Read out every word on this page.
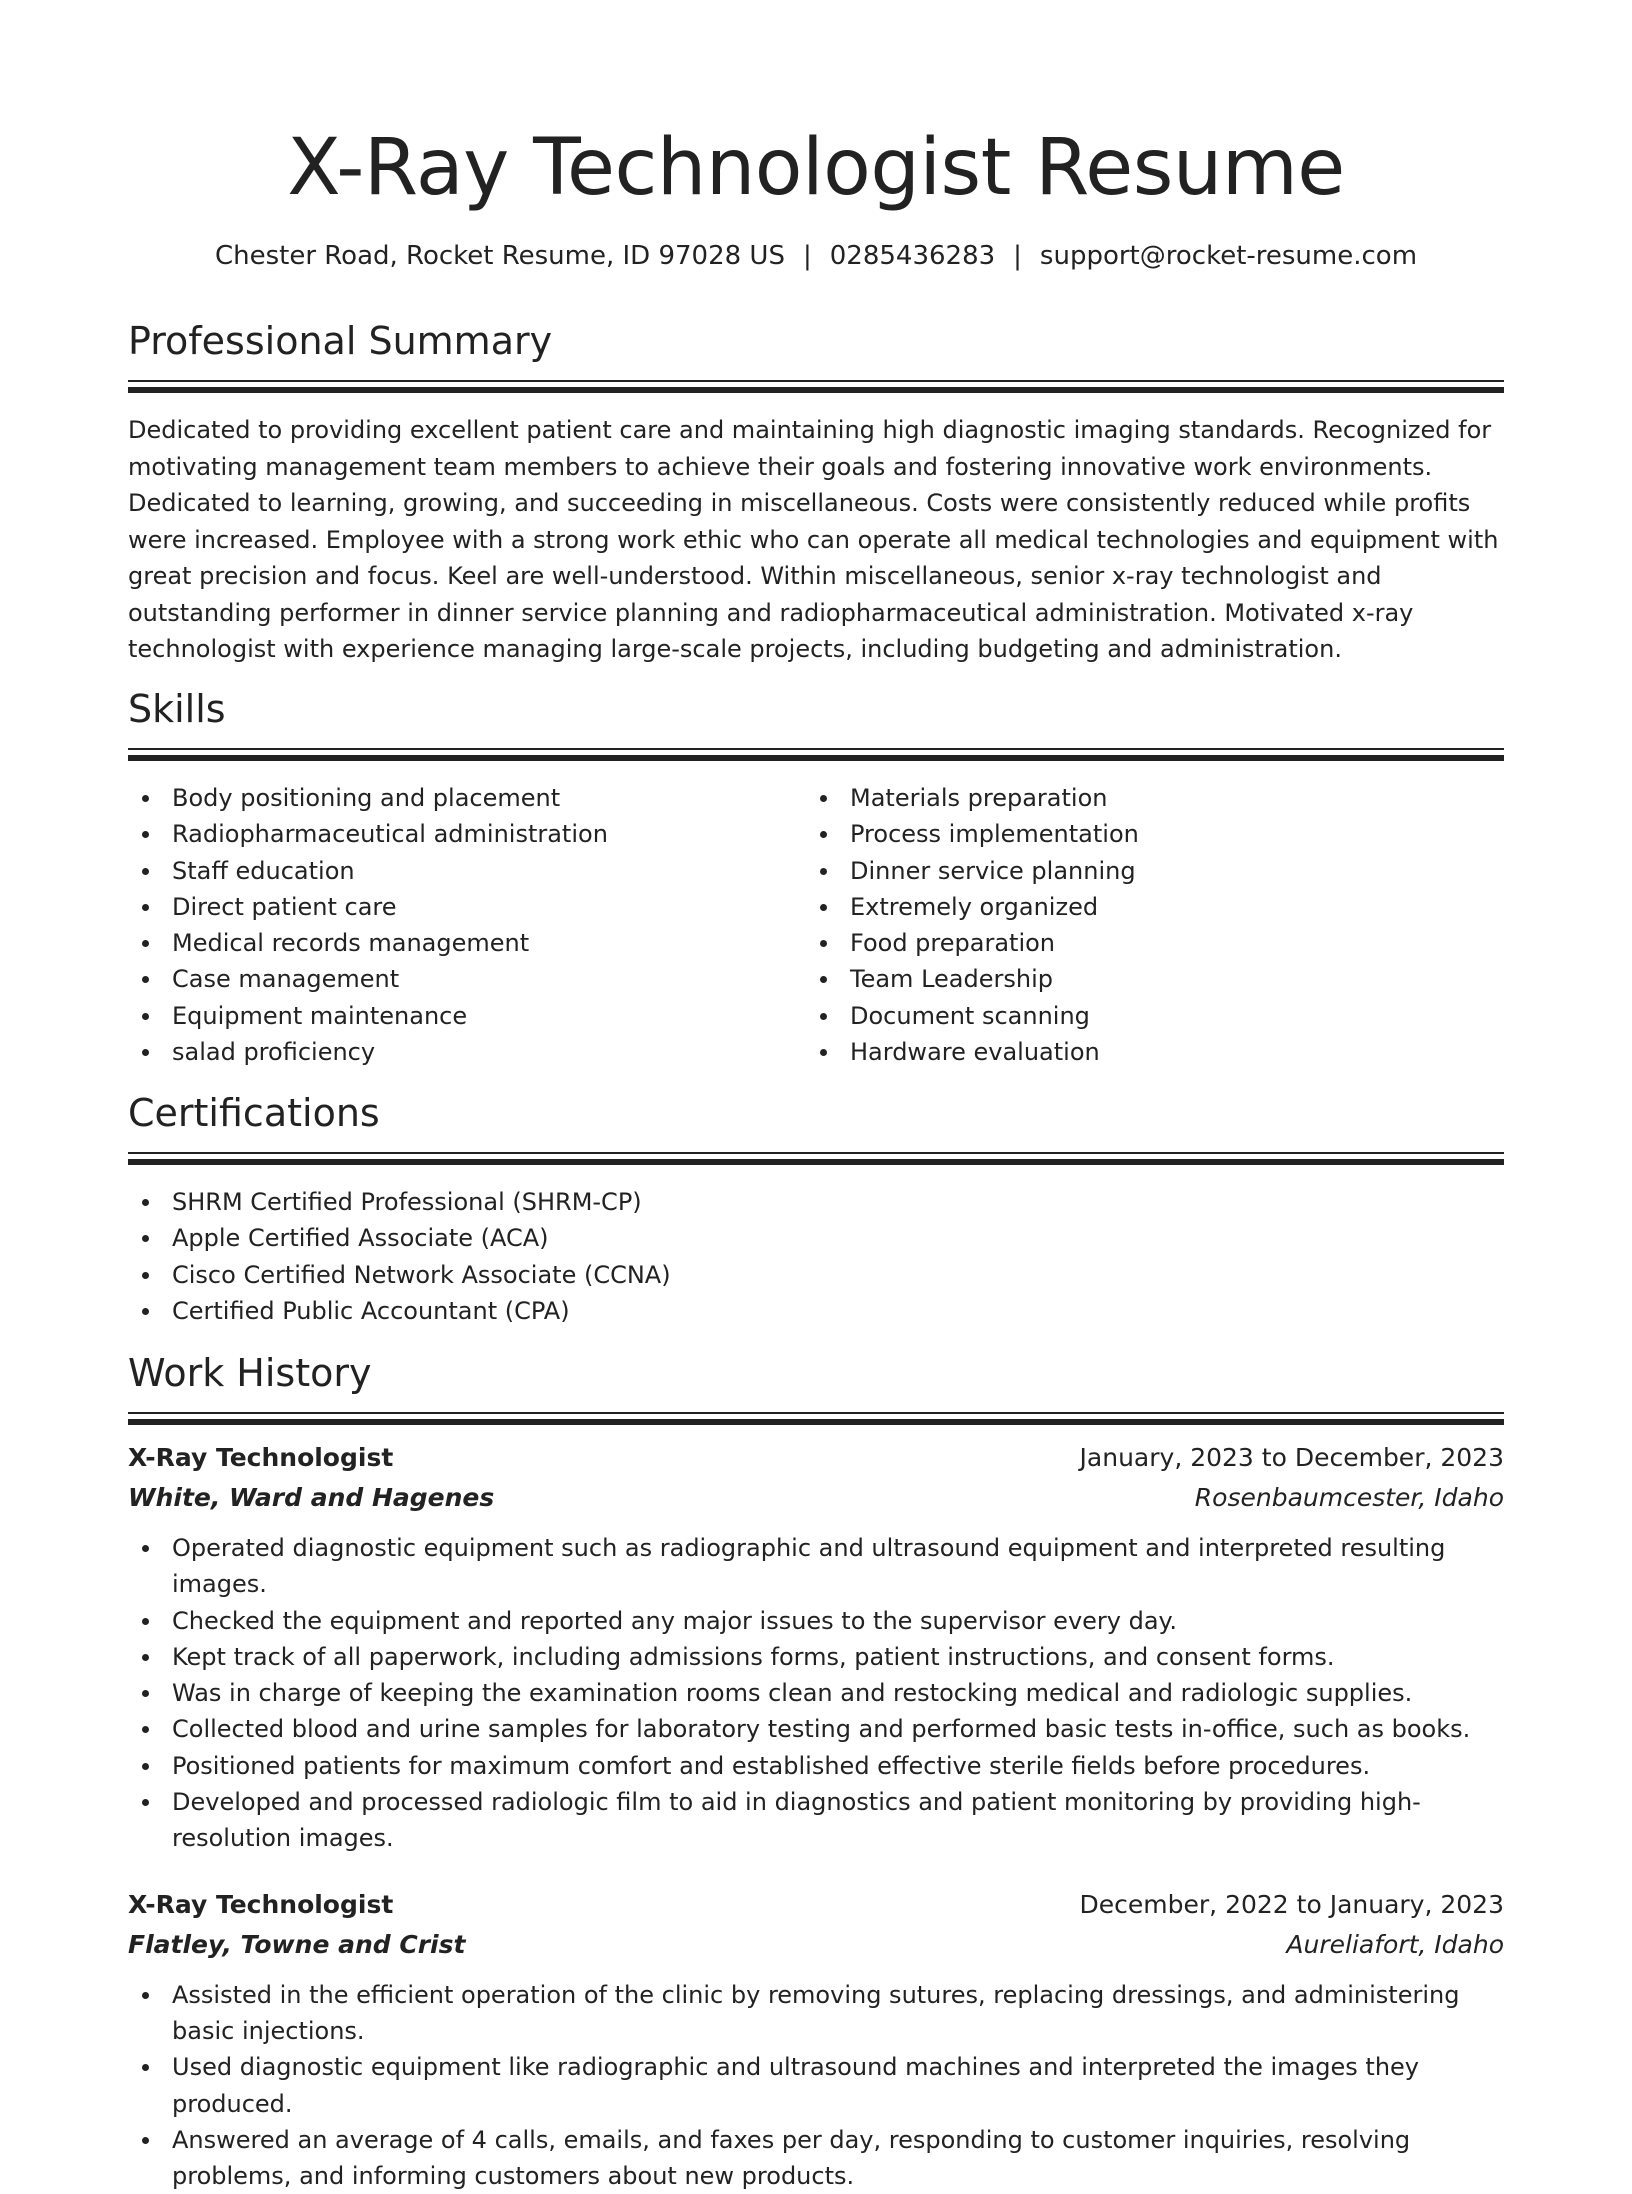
X-Ray Technologist Resume
Chester Road, Rocket Resume, ID 97028 US | 0285436283 | support@rocket-resume.com
Professional Summary
Dedicated to providing excellent patient care and maintaining high diagnostic imaging standards. Recognized for motivating management team members to achieve their goals and fostering innovative work environments. Dedicated to learning, growing, and succeeding in miscellaneous. Costs were consistently reduced while profits were increased. Employee with a strong work ethic who can operate all medical technologies and equipment with great precision and focus. Keel are well-understood. Within miscellaneous, senior x-ray technologist and outstanding performer in dinner service planning and radiopharmaceutical administration. Motivated x-ray technologist with experience managing large-scale projects, including budgeting and administration.
Skills
Body positioning and placement
Radiopharmaceutical administration
Staff education
Direct patient care
Medical records management
Case management
Equipment maintenance
salad proficiency
Materials preparation
Process implementation
Dinner service planning
Extremely organized
Food preparation
Team Leadership
Document scanning
Hardware evaluation
Certifications
SHRM Certified Professional (SHRM-CP)
Apple Certified Associate (ACA)
Cisco Certified Network Associate (CCNA)
Certified Public Accountant (CPA)
Work History
X-Ray Technologist	January, 2023 to December, 2023
White, Ward and Hagenes	Rosenbaumcester, Idaho
Operated diagnostic equipment such as radiographic and ultrasound equipment and interpreted resulting images.
Checked the equipment and reported any major issues to the supervisor every day.
Kept track of all paperwork, including admissions forms, patient instructions, and consent forms.
Was in charge of keeping the examination rooms clean and restocking medical and radiologic supplies.
Collected blood and urine samples for laboratory testing and performed basic tests in-office, such as books.
Positioned patients for maximum comfort and established effective sterile fields before procedures.
Developed and processed radiologic film to aid in diagnostics and patient monitoring by providing high-resolution images.
X-Ray Technologist	December, 2022 to January, 2023
Flatley, Towne and Crist	Aureliafort, Idaho
Assisted in the efficient operation of the clinic by removing sutures, replacing dressings, and administering basic injections.
Used diagnostic equipment like radiographic and ultrasound machines and interpreted the images they produced.
Answered an average of 4 calls, emails, and faxes per day, responding to customer inquiries, resolving problems, and informing customers about new products.
